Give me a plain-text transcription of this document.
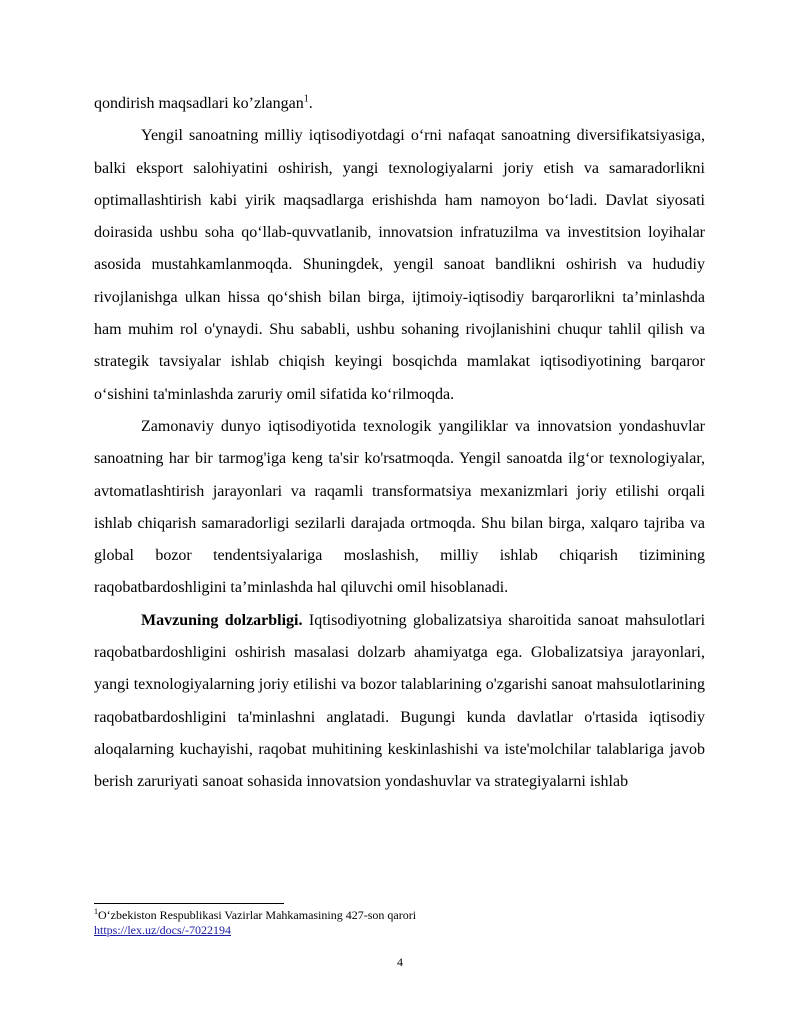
qondirish maqsadlari ko’zlangan$^1$.

Yengil sanoatning milliy iqtisodiyotdagi o‘rni nafaqat sanoatning diversifikatsiyasiga, balki eksport salohiyatini oshirish, yangi texnologiyalarni joriy etish va samaradorlikni optimallashtirish kabi yirik maqsadlarga erishishda ham namoyon bo‘ladi. Davlat siyosati doirasida ushbu soha qo‘llab-quvvatlanib, innovatsion infratuzilma va investitsion loyihalar asosida mustahkamlanmoqda. Shuningdek, yengil sanoat bandlikni oshirish va hududiy rivojlanishga ulkan hissa qo‘shish bilan birga, ijtimoiy-iqtisodiy barqarorlikni ta’minlashda ham muhim rol o'ynaydi. Shu sababli, ushbu sohaning rivojlanishini chuqur tahlil qilish va strategik tavsiyalar ishlab chiqish keyingi bosqichda mamlakat iqtisodiyotining barqaror o‘sishini ta'minlashda zaruriy omil sifatida ko‘rilmoqda.

Zamonaviy dunyo iqtisodiyotida texnologik yangiliklar va innovatsion yondashuvlar sanoatning har bir tarmog'iga keng ta'sir ko'rsatmoqda. Yengil sanoatda ilg‘or texnologiyalar, avtomatlashtirish jarayonlari va raqamli transformatsiya mexanizmlari joriy etilishi orqali ishlab chiqarish samaradorligi sezilarli darajada ortmoqda. Shu bilan birga, xalqaro tajriba va global bozor tendentsiyalariga moslashish, milliy ishlab chiqarish tizimining raqobatbardoshligini ta’minlashda hal qiluvchi omil hisoblanadi.

Mavzuning dolzarbligi. Iqtisodiyotning globalizatsiya sharoitida sanoat mahsulotlari raqobatbardoshligini oshirish masalasi dolzarb ahamiyatga ega. Globalizatsiya jarayonlari, yangi texnologiyalarning joriy etilishi va bozor talablarining o'zgarishi sanoat mahsulotlarining raqobatbardoshligini ta'minlashni anglatadi. Bugungi kunda davlatlar o'rtasida iqtisodiy aloqalarning kuchayishi, raqobat muhitining keskinlashishi va iste'molchilar talablariga javob berish zaruriyati sanoat sohasida innovatsion yondashuvlar va strategiyalarni ishlab

$^1$O‘zbekiston Respublikasi Vazirlar Mahkamasining 427-son qarori
https://lex.uz/docs/-7022194
4
